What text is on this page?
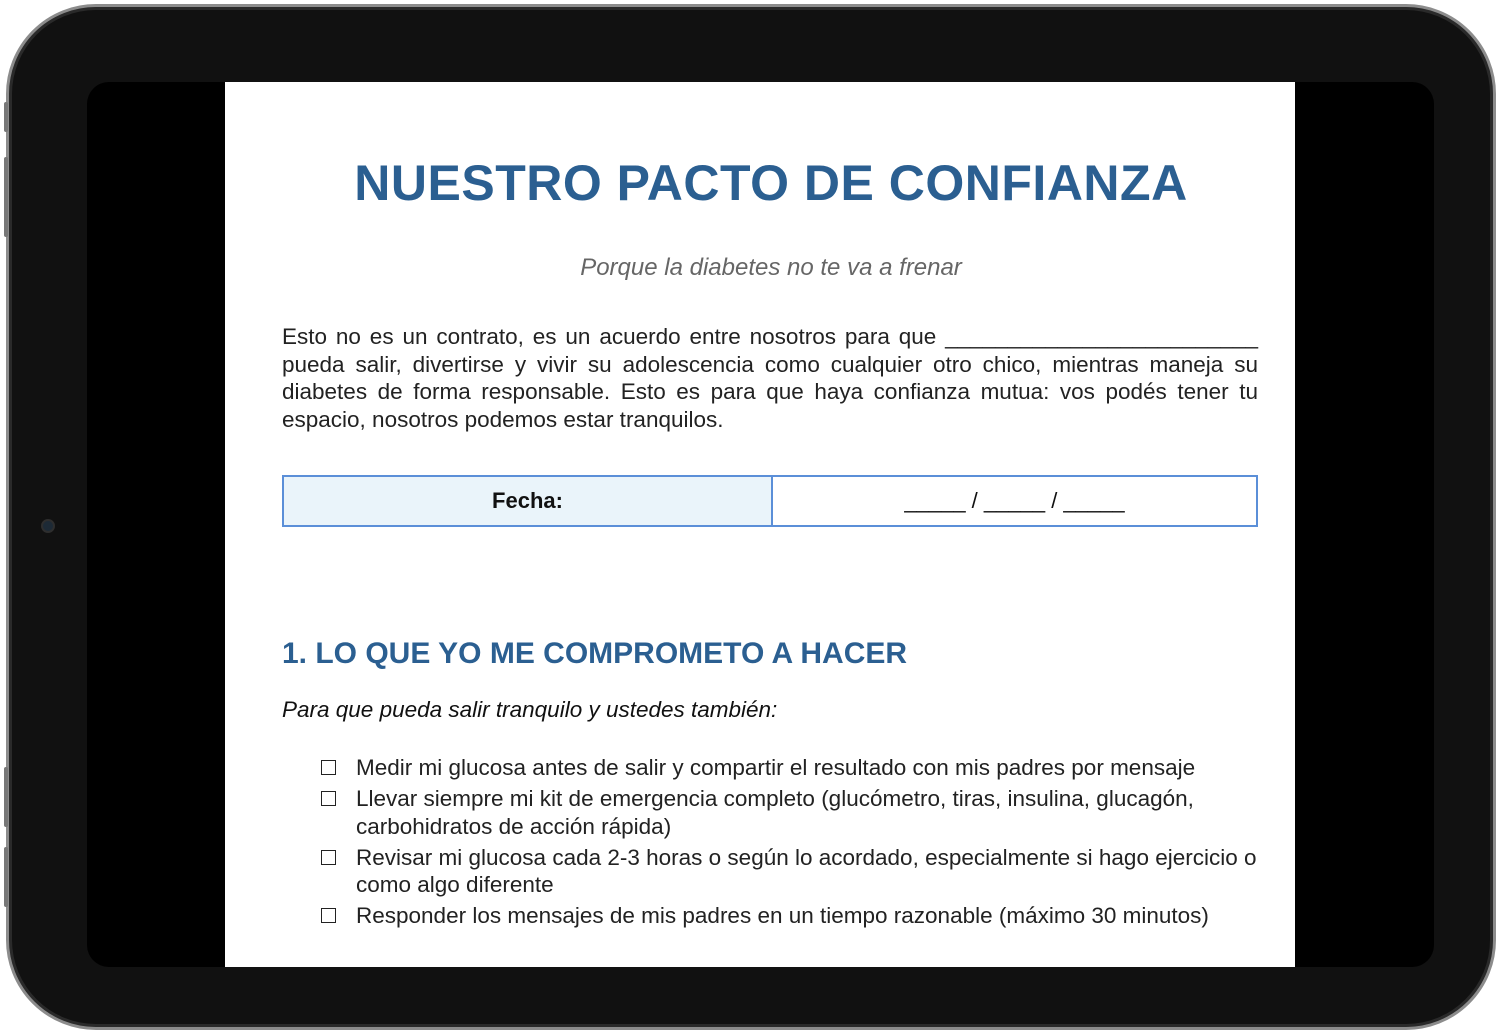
NUESTRO PACTO DE CONFIANZA

Porque la diabetes no te va a frenar

Esto no es un contrato, es un acuerdo entre nosotros para que _________________________ pueda salir, divertirse y vivir su adolescencia como cualquier otro chico, mientras maneja su diabetes de forma responsable. Esto es para que haya confianza mutua: vos podés tener tu espacio, nosotros podemos estar tranquilos.

Fecha:	_____ / _____ / _____
1. LO QUE YO ME COMPROMETO A HACER

Para que pueda salir tranquilo y ustedes también:

Medir mi glucosa antes de salir y compartir el resultado con mis padres por mensaje
Llevar siempre mi kit de emergencia completo (glucómetro, tiras, insulina, glucagón, carbohidratos de acción rápida)
Revisar mi glucosa cada 2-3 horas o según lo acordado, especialmente si hago ejercicio o como algo diferente
Responder los mensajes de mis padres en un tiempo razonable (máximo 30 minutos)
